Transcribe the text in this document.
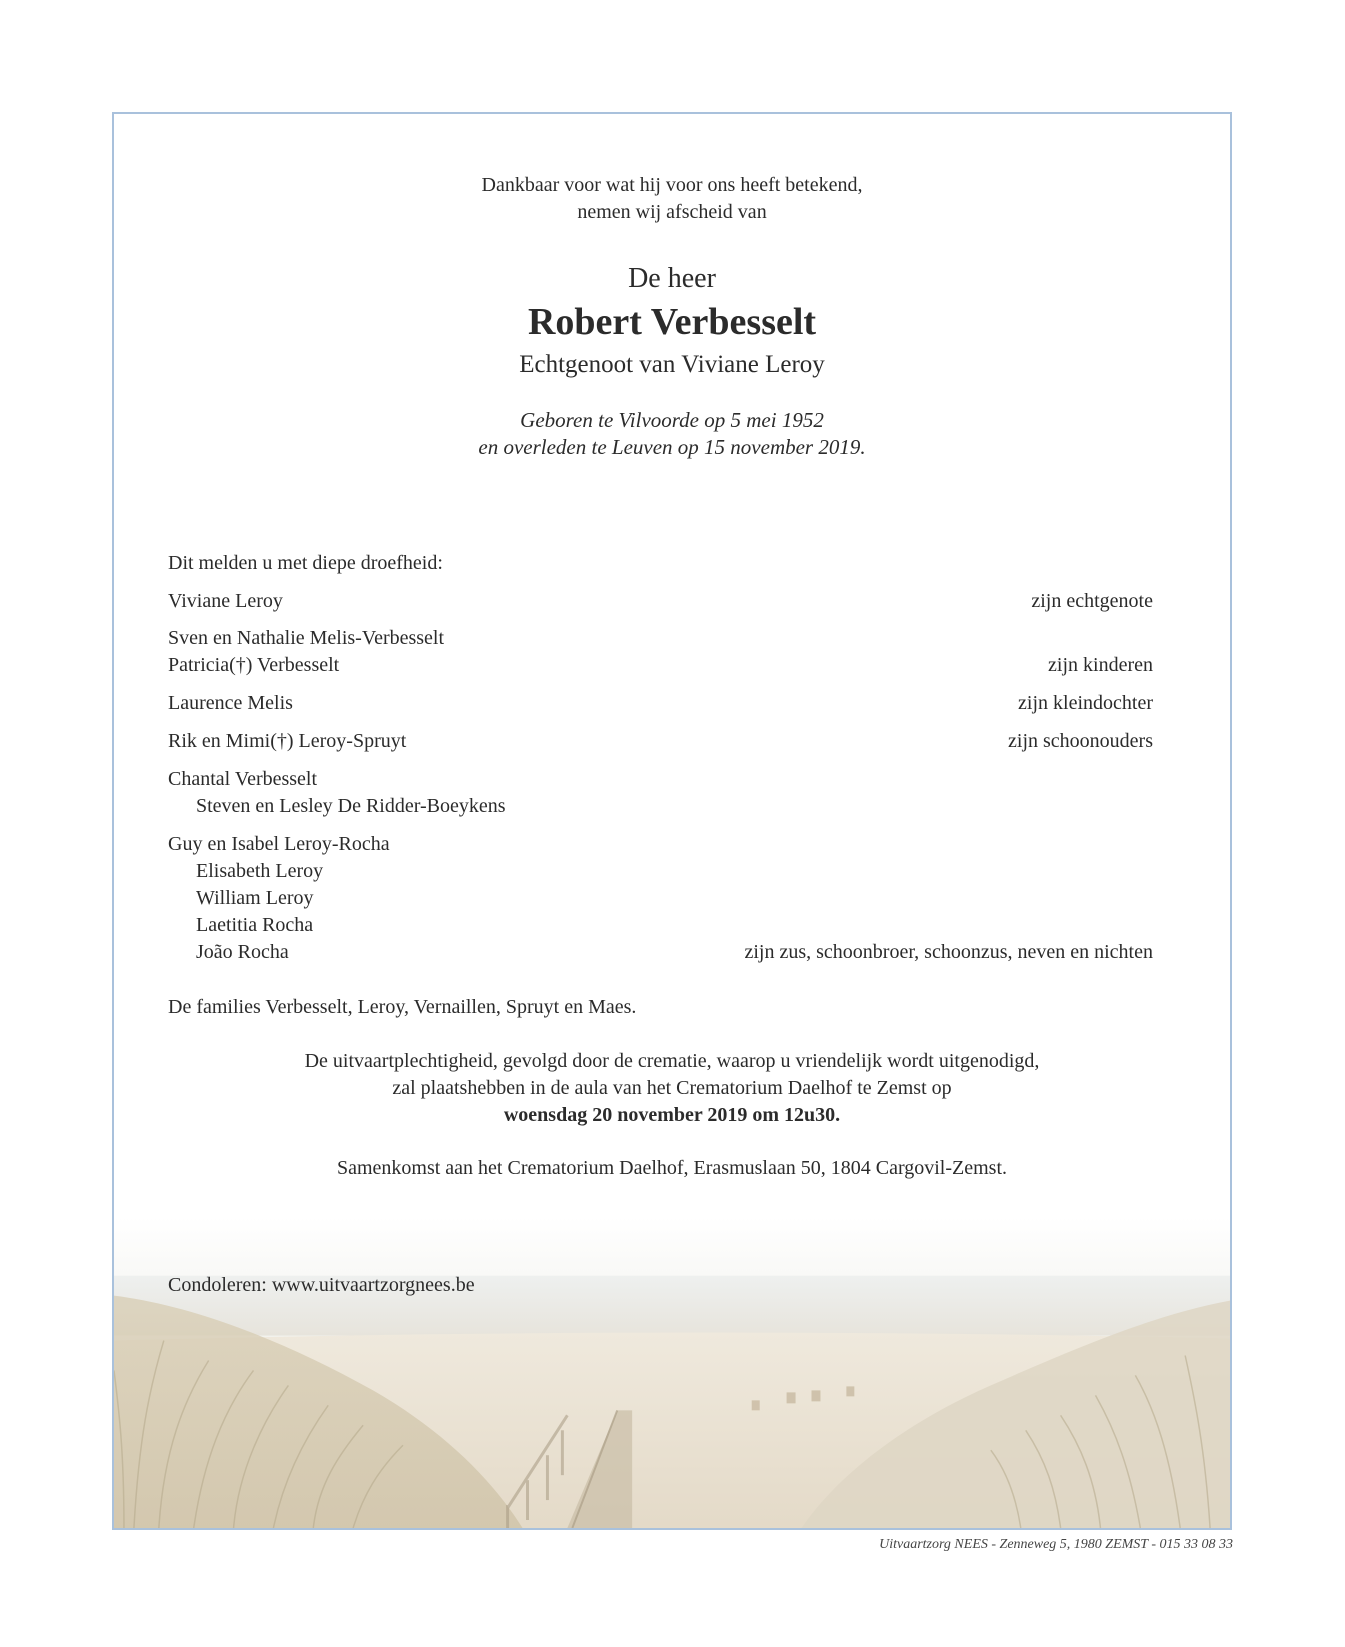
Dankbaar voor wat hij voor ons heeft betekend,
nemen wij afscheid van
De heer
Robert Verbesselt
Echtgenoot van Viviane Leroy
Geboren te Vilvoorde op 5 mei 1952
en overleden te Leuven op 15 november 2019.
Dit melden u met diepe droefheid:
Viviane Leroy	zijn echtgenote
Sven en Nathalie Melis-Verbesselt
Patricia(†) Verbesselt	zijn kinderen
Laurence Melis	zijn kleindochter
Rik en Mimi(†) Leroy-Spruyt	zijn schoonouders
Chantal Verbesselt
Steven en Lesley De Ridder-Boeykens
Guy en Isabel Leroy-Rocha
Elisabeth Leroy
William Leroy
Laetitia Rocha
João Rocha	zijn zus, schoonbroer, schoonzus, neven en nichten
De families Verbesselt, Leroy, Vernaillen, Spruyt en Maes.
De uitvaartplechtigheid, gevolgd door de crematie, waarop u vriendelijk wordt uitgenodigd,
zal plaatshebben in de aula van het Crematorium Daelhof te Zemst op
woensdag 20 november 2019 om 12u30.
Samenkomst aan het Crematorium Daelhof, Erasmuslaan 50, 1804 Cargovil-Zemst.
Condoleren: www.uitvaartzorgnees.be
Uitvaartzorg NEES - Zenneweg 5, 1980 ZEMST - 015 33 08 33
